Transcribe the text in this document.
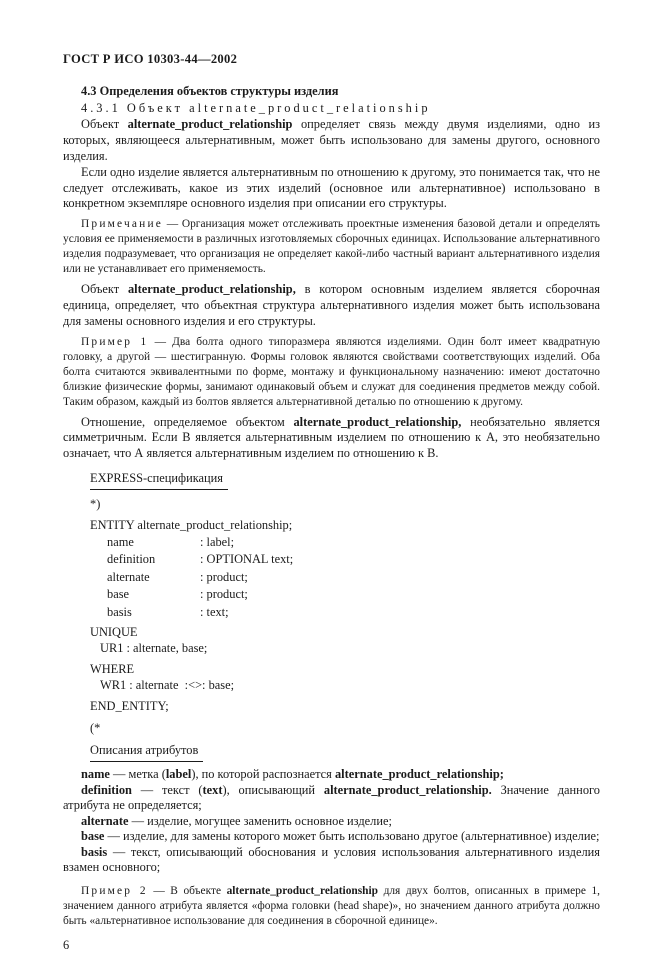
ГОСТ Р ИСО 10303-44—2002
4.3 Определения объектов структуры изделия
4.3.1 Объект alternate_product_relationship

Объект alternate_product_relationship определяет связь между двумя изделиями, одно из которых, являющееся альтернативным, может быть использовано для замены другого, основного изделия.

Если одно изделие является альтернативным по отношению к другому, это понимается так, что не следует отслеживать, какое из этих изделий (основное или альтернативное) использовано в конкретном экземпляре основного изделия при описании его структуры.

Примечание — Организация может отслеживать проектные изменения базовой детали и определять условия ее применяемости в различных изготовляемых сборочных единицах. Использование альтернативного изделия подразумевает, что организация не определяет какой-либо частный вариант альтернативного изделия или не устанавливает его применяемость.

Объект alternate_product_relationship, в котором основным изделием является сборочная единица, определяет, что объектная структура альтернативного изделия может быть использована для замены основного изделия и его структуры.

Пример 1 — Два болта одного типоразмера являются изделиями. Один болт имеет квадратную головку, а другой — шестигранную. Формы головок являются свойствами соответствующих изделий. Оба болта считаются эквивалентными по форме, монтажу и функциональному назначению: имеют достаточно близкие физические формы, занимают одинаковый объем и служат для соединения предметов между собой. Таким образом, каждый из болтов является альтернативной деталью по отношению к другому.

Отношение, определяемое объектом alternate_product_relationship, необязательно является симметричным. Если В является альтернативным изделием по отношению к А, это необязательно означает, что А является альтернативным изделием по отношению к В.

EXPRESS-спецификация
*)
ENTITY alternate_product_relationship;
name	: label;
definition	: OPTIONAL text;
alternate	: product;
base	: product;
basis	: text;
UNIQUE
UR1 : alternate, base;
WHERE
WR1 : alternate  :<>: base;
END_ENTITY;
(*
Описания атрибутов

name — метка (label), по которой распознается alternate_product_relationship;

definition — текст (text), описывающий alternate_product_relationship. Значение данного атрибута не определяется;

alternate — изделие, могущее заменить основное изделие;

base — изделие, для замены которого может быть использовано другое (альтернативное) изделие;

basis — текст, описывающий обоснования и условия использования альтернативного изделия взамен основного;

Пример 2 — В объекте alternate_product_relationship для двух болтов, описанных в примере 1, значением данного атрибута является «форма головки (head shape)», но значением данного атрибута должно быть «альтернативное использование для соединения в сборочной единице».

6
